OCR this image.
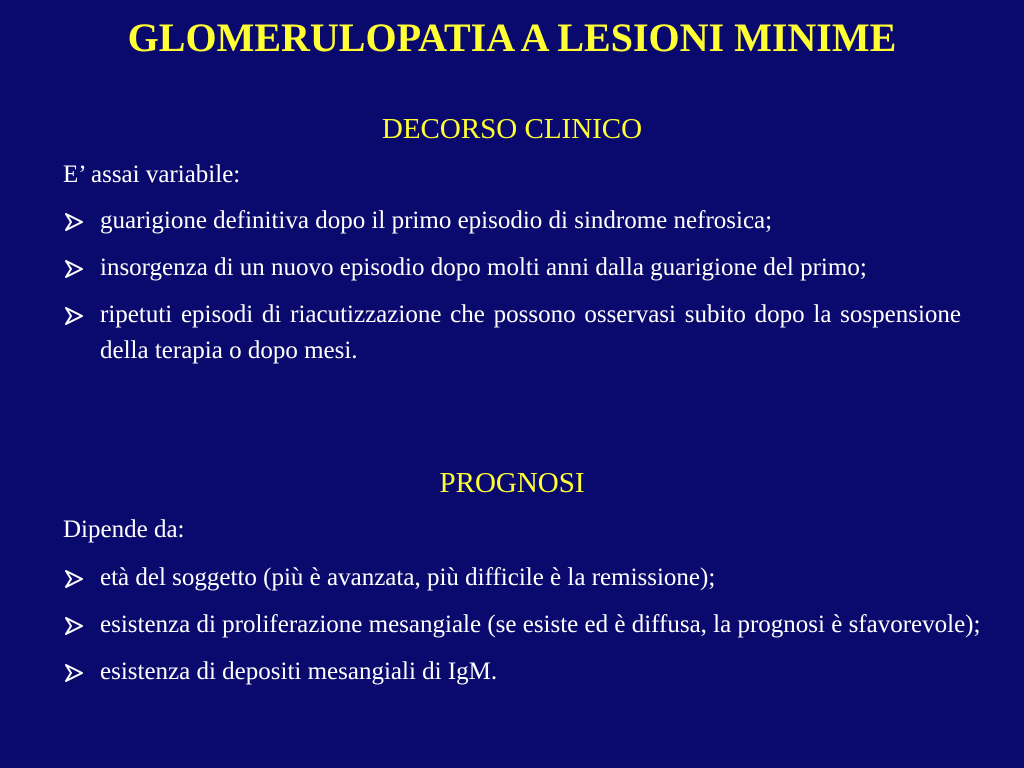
GLOMERULOPATIA A LESIONI MINIME
DECORSO CLINICO
E’ assai variabile:
guarigione definitiva dopo il primo episodio di sindrome nefrosica;
insorgenza di un nuovo episodio dopo molti anni dalla guarigione del primo;
ripetuti episodi di riacutizzazione che possono osservasi subito dopo la sospensione della terapia o dopo mesi.
PROGNOSI
Dipende da:
età del soggetto (più è avanzata, più difficile è la remissione);
esistenza di proliferazione mesangiale (se esiste ed è diffusa, la prognosi è sfavorevole);
esistenza di depositi mesangiali di IgM.
